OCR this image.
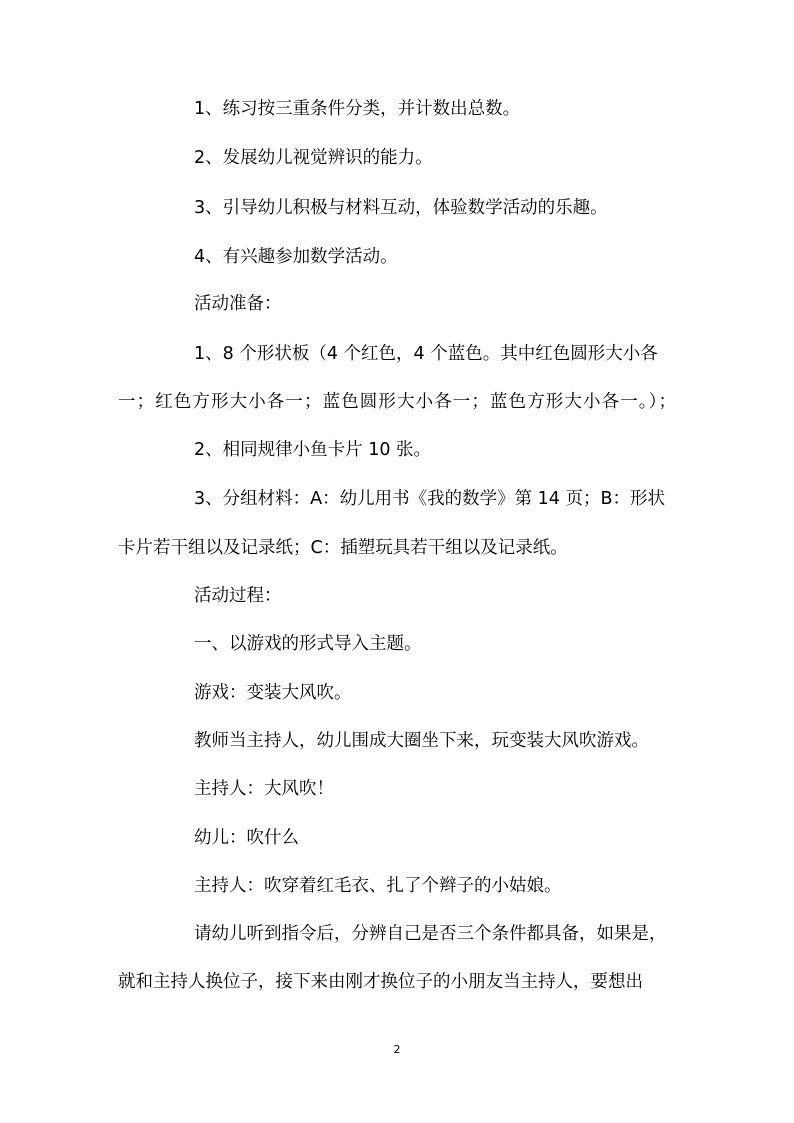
1、练习按三重条件分类，并计数出总数。

2、发展幼儿视觉辨识的能力。

3、引导幼儿积极与材料互动，体验数学活动的乐趣。

4、有兴趣参加数学活动。

活动准备：

1、8 个形状板（4 个红色，4 个蓝色。其中红色圆形大小各

一；红色方形大小各一；蓝色圆形大小各一；蓝色方形大小各一。）；

2、相同规律小鱼卡片 10 张。

3、分组材料：A：幼儿用书《我的数学》第 14 页；B：形状

卡片若干组以及记录纸；C：插塑玩具若干组以及记录纸。

活动过程：

一、以游戏的形式导入主题。

游戏：变装大风吹。

教师当主持人，幼儿围成大圈坐下来，玩变装大风吹游戏。

主持人：大风吹！

幼儿：吹什么

主持人：吹穿着红毛衣、扎了个辫子的小姑娘。

请幼儿听到指令后，分辨自己是否三个条件都具备，如果是，

就和主持人换位子，接下来由刚才换位子的小朋友当主持人，要想出

2
